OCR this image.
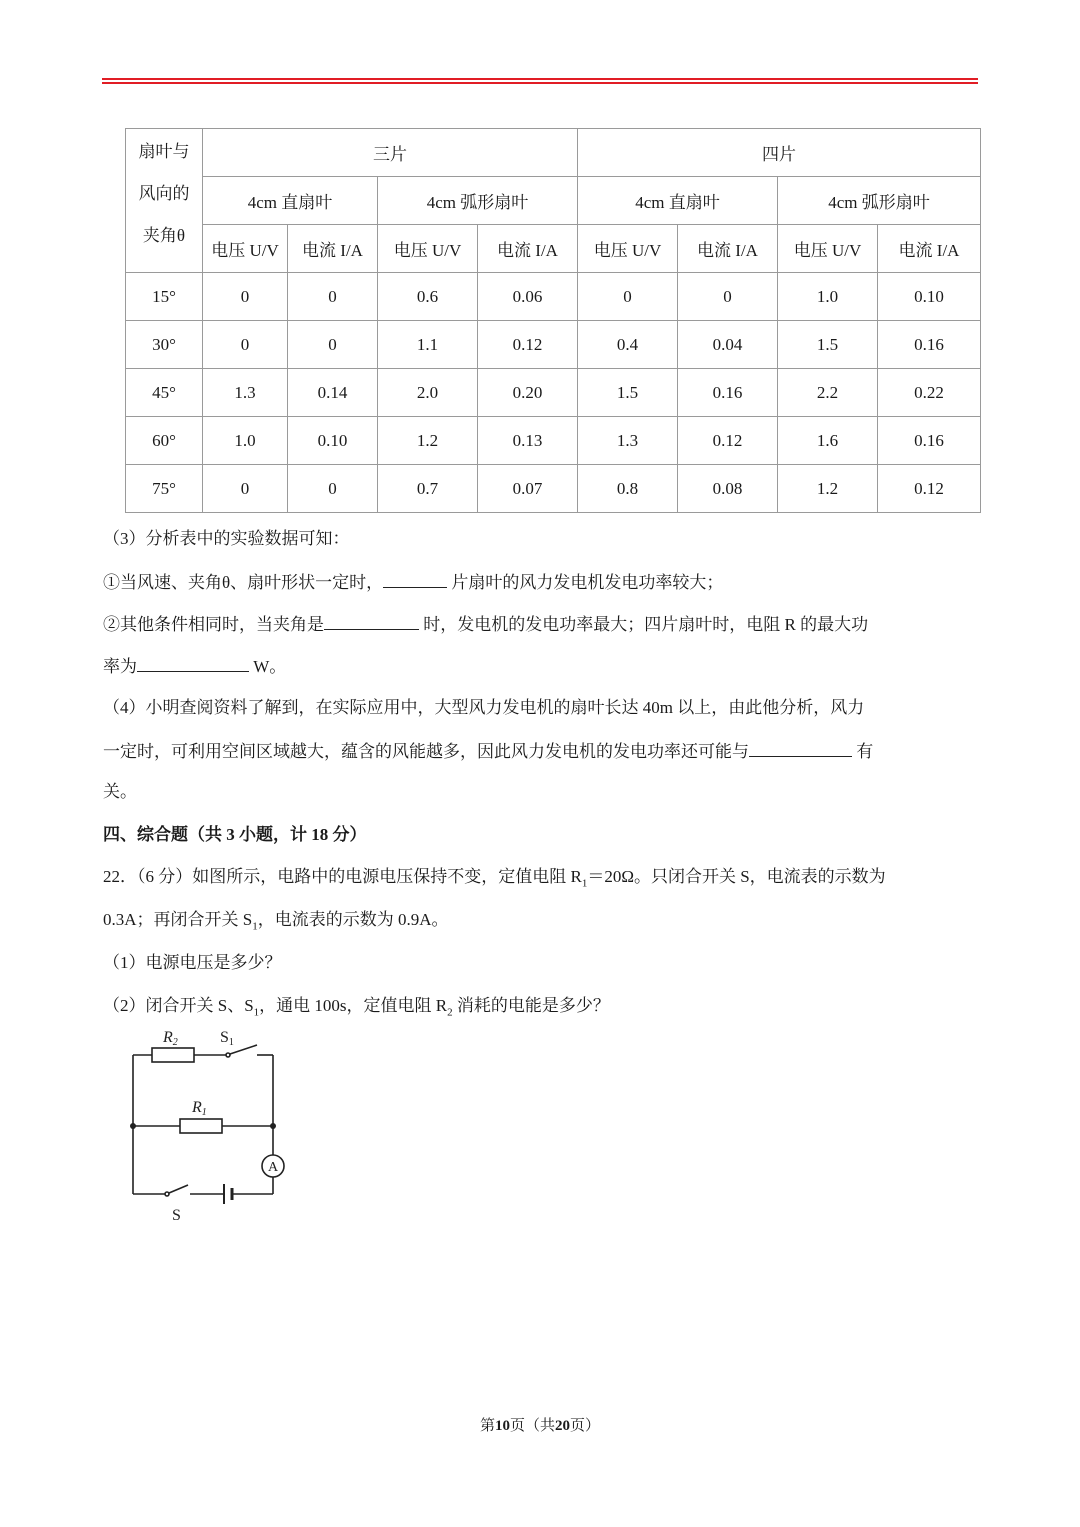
扇叶与
风向的
夹角θ	三片				四片			
	4cm 直扇叶		4cm 弧形扇叶		4cm 直扇叶		4cm 弧形扇叶	
	电压 U/V	电流 I/A	电压 U/V	电流 I/A	电压 U/V	电流 I/A	电压 U/V	电流 I/A
15°	0	0	0.6	0.06	0	0	1.0	0.10
30°	0	0	1.1	0.12	0.4	0.04	1.5	0.16
45°	1.3	0.14	2.0	0.20	1.5	0.16	2.2	0.22
60°	1.0	0.10	1.2	0.13	1.3	0.12	1.6	0.16
75°	0	0	0.7	0.07	0.8	0.08	1.2	0.12

（3）分析表中的实验数据可知：

①当风速、夹角θ、扇叶形状一定时，	片扇叶的风力发电机发电功率较大；

②其他条件相同时，当夹角是	时，发电机的发电功率最大；四片扇叶时，电阻 R 的最大功

率为	W。

（4）小明查阅资料了解到，在实际应用中，大型风力发电机的扇叶长达 40m 以上，由此他分析，风力

一定时，可利用空间区域越大，蕴含的风能越多，因此风力发电机的发电功率还可能与	有

关。

四、综合题（共 3 小题，计 18 分）

22．（6 分）如图所示，电路中的电源电压保持不变，定值电阻 $R_1=20\Omega$。只闭合开关 S，电流表的示数为

0.3A；再闭合开关 $S_1$，电流表的示数为 0.9A。

（1）电源电压是多少？

（2）闭合开关 S、$S_1$，通电 100s，定值电阻 $R_2$ 消耗的电能是多少？

R2	S1
R1
A
S
第10页（共20页）
